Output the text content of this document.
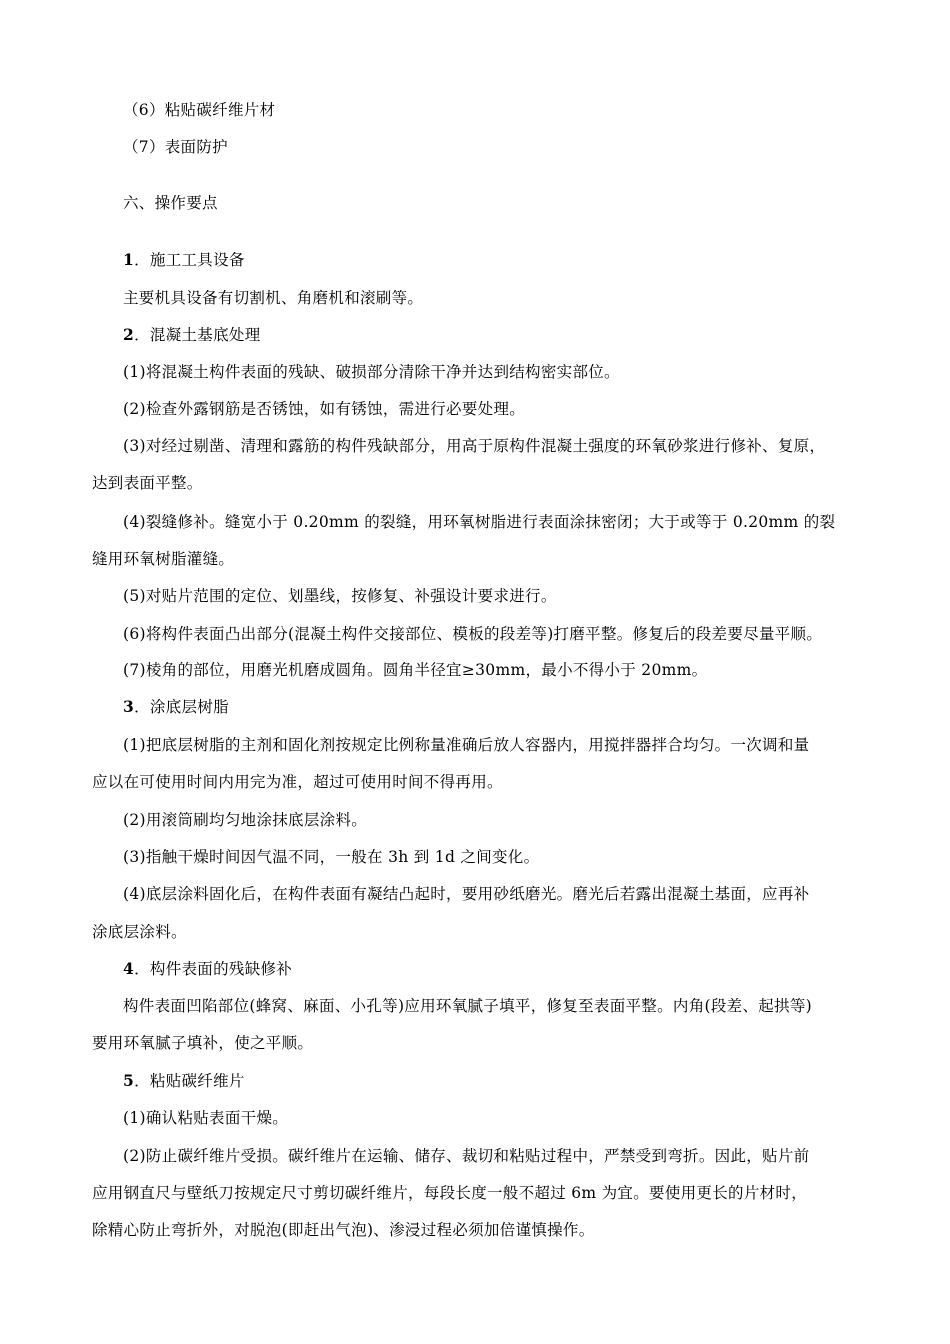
（6）粘贴碳纤维片材
（7）表面防护
六、操作要点
1．施工工具设备
主要机具设备有切割机、角磨机和滚刷等。
2．混凝土基底处理
(1)将混凝土构件表面的残缺、破损部分清除干净并达到结构密实部位。
(2)检查外露钢筋是否锈蚀，如有锈蚀，需进行必要处理。
(3)对经过剔凿、清理和露筋的构件残缺部分，用高于原构件混凝土强度的环氧砂浆进行修补、复原，
达到表面平整。
(4)裂缝修补。缝宽小于 0.20mm 的裂缝，用环氧树脂进行表面涂抹密闭；大于或等于 0.20mm 的裂
缝用环氧树脂灌缝。
(5)对贴片范围的定位、划墨线，按修复、补强设计要求进行。
(6)将构件表面凸出部分(混凝土构件交接部位、模板的段差等)打磨平整。修复后的段差要尽量平顺。
(7)棱角的部位，用磨光机磨成圆角。圆角半径宜≥30mm，最小不得小于 20mm。
3．涂底层树脂
(1)把底层树脂的主剂和固化剂按规定比例称量准确后放人容器内，用搅拌器拌合均匀。一次调和量
应以在可使用时间内用完为准，超过可使用时间不得再用。
(2)用滚筒刷均匀地涂抹底层涂料。
(3)指触干燥时间因气温不同，一般在 3h 到 1d 之间变化。
(4)底层涂料固化后，在构件表面有凝结凸起时，要用砂纸磨光。磨光后若露出混凝土基面，应再补
涂底层涂料。
4．构件表面的残缺修补
构件表面凹陷部位(蜂窝、麻面、小孔等)应用环氧腻子填平，修复至表面平整。内角(段差、起拱等)
要用环氧腻子填补，使之平顺。
5．粘贴碳纤维片
(1)确认粘贴表面干燥。
(2)防止碳纤维片受损。碳纤维片在运输、储存、裁切和粘贴过程中，严禁受到弯折。因此，贴片前
应用钢直尺与壁纸刀按规定尺寸剪切碳纤维片，每段长度一般不超过 6m 为宜。要使用更长的片材时，
除精心防止弯折外，对脱泡(即赶出气泡)、渗浸过程必须加倍谨慎操作。
